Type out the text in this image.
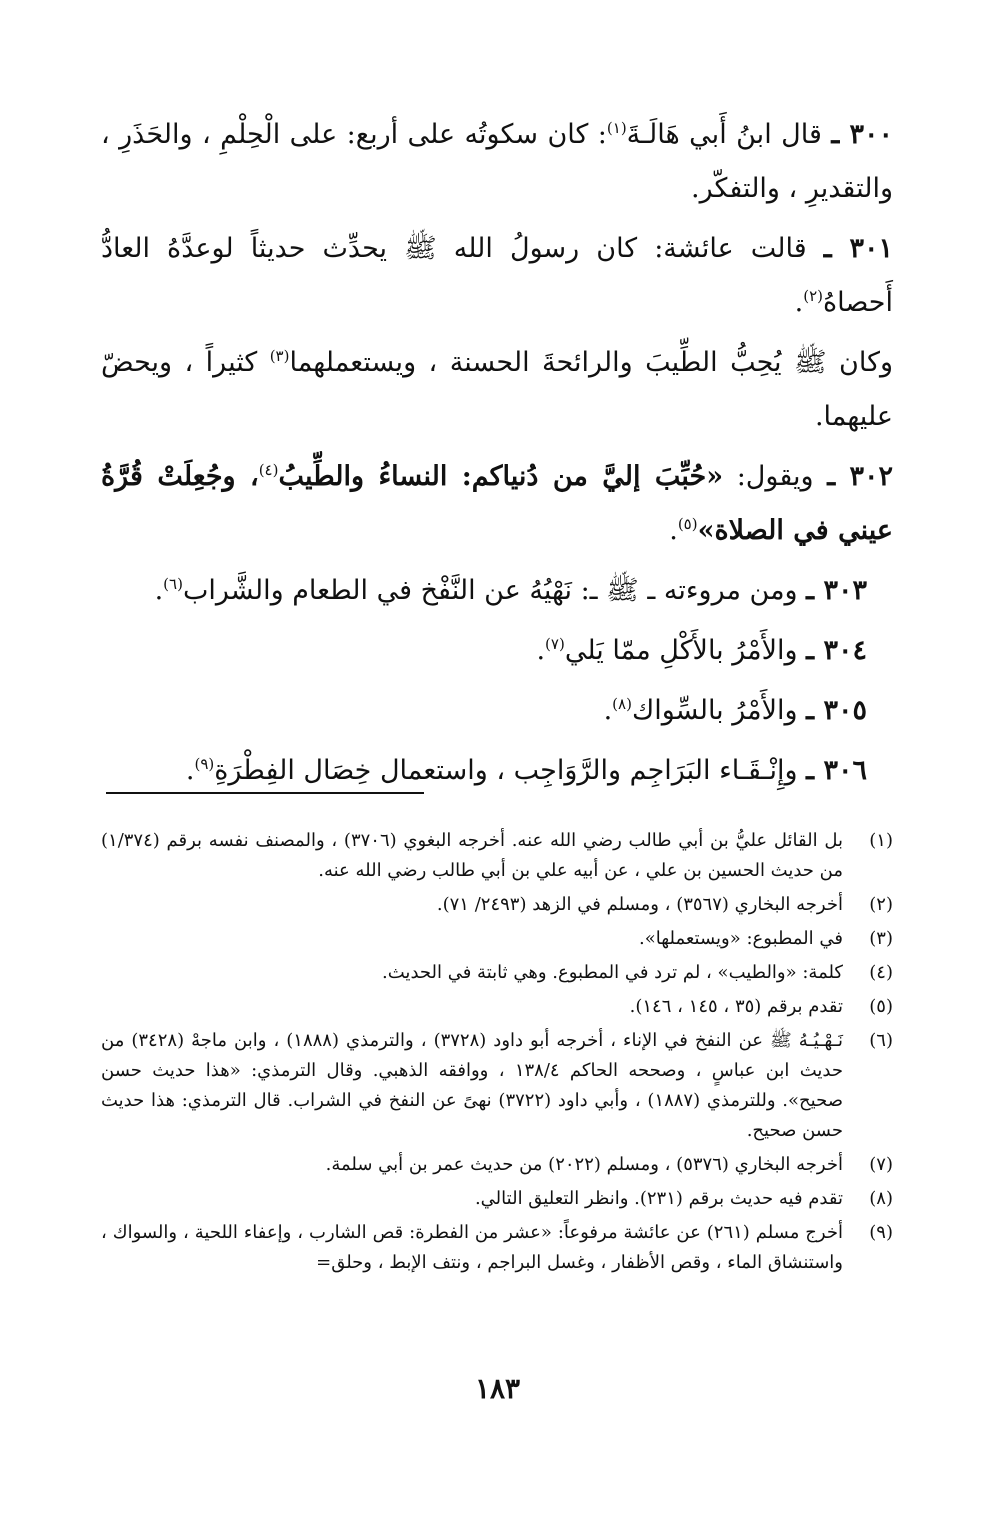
٣٠٠ ـ قال ابنُ أَبي هَالَـةَ$^{(١)}$: كان سكوتُه على أربع: على الْحِلْمِ ، والحَذَرِ ، والتقديرِ ، والتفكّر.

٣٠١ ـ قالت عائشة: كان رسولُ الله ﷺ يحدِّث حديثاً لوعدَّهُ العادُّ أَحصاهُ$^{(٢)}$.

وكان ﷺ يُحِبُّ الطِّيبَ والرائحةَ الحسنة ، ويستعملهما$^{(٣)}$ كثيراً ، ويحضّ عليهما.

٣٠٢ ـ ويقول: «حُبِّبَ إليَّ من دُنياكم: النساءُ والطِّيبُ$^{(٤)}$، وجُعِلَتْ قُرَّةُ عيني في الصلاة»$^{(٥)}$.

٣٠٣ ـ ومن مروءته ـ ﷺ ـ: نَهْيُهُ عن النَّفْخ في الطعام والشَّراب$^{(٦)}$.

٣٠٤ ـ والأَمْرُ بالأَكْلِ ممّا يَلي$^{(٧)}$.

٣٠٥ ـ والأَمْرُ بالسِّواك$^{(٨)}$.

٣٠٦ ـ وإِنْـقَـاء البَرَاجِم والرَّوَاجِب ، واستعمال خِصَال الفِطْرَةِ$^{(٩)}$.

(١)
بل القائل عليُّ بن أبي طالب رضي الله عنه. أخرجه البغوي (٣٧٠٦) ، والمصنف نفسه برقم (١/٣٧٤) من حديث الحسين بن علي ، عن أبيه علي بن أبي طالب رضي الله عنه.
(٢)
أخرجه البخاري (٣٥٦٧) ، ومسلم في الزهد (٢٤٩٣/ ٧١).
(٣)
في المطبوع: «ويستعملها».
(٤)
كلمة: «والطيب» ، لم ترد في المطبوع. وهي ثابتة في الحديث.
(٥)
تقدم برقم (٣٥ ، ١٤٥ ، ١٤٦).
(٦)
نَـهْـيُـهُ ﷺ عن النفخ في الإناء ، أخرجه أبو داود (٣٧٢٨) ، والترمذي (١٨٨٨) ، وابن ماجهْ (٣٤٢٨) من حديث ابن عباسٍ ، وصححه الحاكم ١٣٨/٤ ، ووافقه الذهبي. وقال الترمذي: «هذا حديث حسن صحيح». وللترمذي (١٨٨٧) ، وأبي داود (٣٧٢٢) نهىً عن النفخ في الشراب. قال الترمذي: هذا حديث حسن صحيح.
(٧)
أخرجه البخاري (٥٣٧٦) ، ومسلم (٢٠٢٢) من حديث عمر بن أبي سلمة.
(٨)
تقدم فيه حديث برقم (٢٣١). وانظر التعليق التالي.
(٩)
أخرج مسلم (٢٦١) عن عائشة مرفوعاً: «عشر من الفطرة: قص الشارب ، وإعفاء اللحية ، والسواك ، واستنشاق الماء ، وقص الأظفار ، وغسل البراجم ، ونتف الإبط ، وحلق=
١٨٣
